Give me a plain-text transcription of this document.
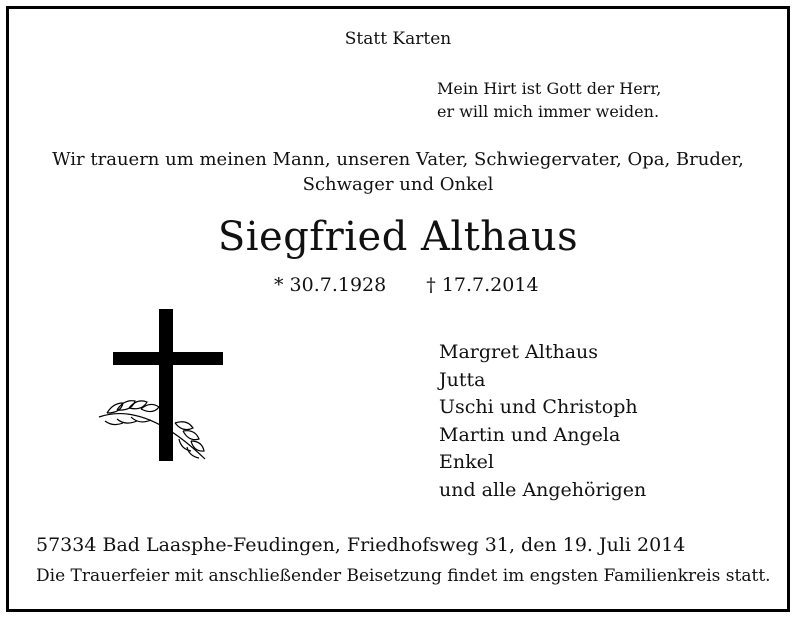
Statt Karten
Mein Hirt ist Gott der Herr,
er will mich immer weiden.
Wir trauern um meinen Mann, unseren Vater, Schwiegervater, Opa, Bruder,
Schwager und Onkel
Siegfried Althaus
* 30.7.1928 † 17.7.2014
Margret Althaus
Jutta
Uschi und Christoph
Martin und Angela
Enkel
und alle Angehörigen
57334 Bad Laasphe-Feudingen, Friedhofsweg 31, den 19. Juli 2014
Die Trauerfeier mit anschließender Beisetzung findet im engsten Familienkreis statt.
